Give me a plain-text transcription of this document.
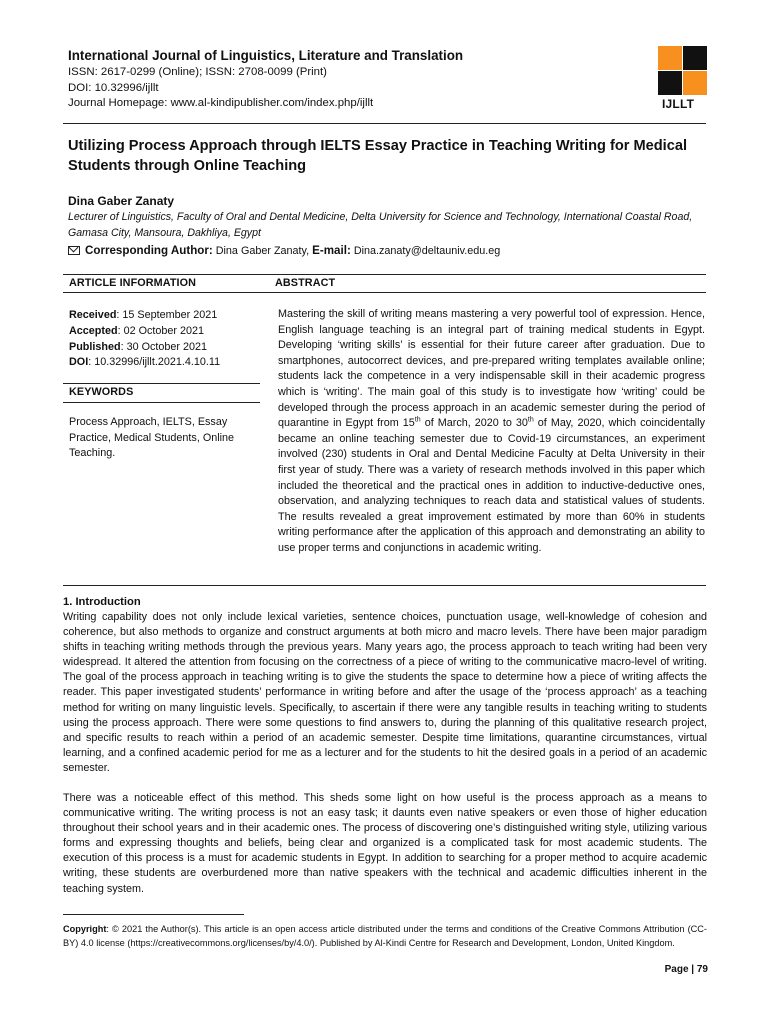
International Journal of Linguistics, Literature and Translation
ISSN: 2617-0299 (Online); ISSN: 2708-0099 (Print)
DOI: 10.32996/ijllt
Journal Homepage: www.al-kindipublisher.com/index.php/ijllt	IJLLT
Utilizing Process Approach through IELTS Essay Practice in Teaching Writing for Medical Students through Online Teaching
Dina Gaber Zanaty
Lecturer of Linguistics, Faculty of Oral and Dental Medicine, Delta University for Science and Technology, International Coastal Road, Gamasa City, Mansoura, Dakhliya, Egypt
Corresponding Author: Dina Gaber Zanaty, E-mail: Dina.zanaty@deltauniv.edu.eg
ARTICLE INFORMATION	ABSTRACT
Received: 15 September 2021
Accepted: 02 October 2021
Published: 30 October 2021
DOI: 10.32996/ijllt.2021.4.10.11
KEYWORDS
Process Approach, IELTS, Essay Practice, Medical Students, Online Teaching.
Mastering the skill of writing means mastering a very powerful tool of expression. Hence, English language teaching is an integral part of training medical students in Egypt. Developing ‘writing skills’ is essential for their future career after graduation. Due to smartphones, autocorrect devices, and pre-prepared writing templates available online; students lack the competence in a very indispensable skill in their academic progress which is ‘writing’. The main goal of this study is to investigate how ‘writing’ could be developed through the process approach in an academic semester during the period of quarantine in Egypt from 15th of March, 2020 to 30th of May, 2020, which coincidentally became an online teaching semester due to Covid-19 circumstances, an experiment involved (230) students in Oral and Dental Medicine Faculty at Delta University in their first year of study. There was a variety of research methods involved in this paper which included the theoretical and the practical ones in addition to inductive-deductive ones, observation, and analyzing techniques to reach data and statistical values of students. The results revealed a great improvement estimated by more than 60% in students writing performance after the application of this approach and demonstrating an ability to use proper terms and conjunctions in academic writing.
1. Introduction
Writing capability does not only include lexical varieties, sentence choices, punctuation usage, well-knowledge of cohesion and coherence, but also methods to organize and construct arguments at both micro and macro levels. There have been major paradigm shifts in teaching writing methods through the previous years. Many years ago, the process approach to teach writing had been very widespread. It altered the attention from focusing on the correctness of a piece of writing to the communicative macro-level of writing. The goal of the process approach in teaching writing is to give the students the space to determine how a piece of writing affects the reader. This paper investigated students’ performance in writing before and after the usage of the ‘process approach’ as a teaching method for writing on many linguistic levels. Specifically, to ascertain if there were any tangible results in teaching writing to students using the process approach. There were some questions to find answers to, during the planning of this qualitative research project, and specific results to reach within a period of an academic semester. Despite time limitations, quarantine circumstances, virtual learning, and a confined academic period for me as a lecturer and for the students to hit the desired goals in a period of an academic semester.
There was a noticeable effect of this method. This sheds some light on how useful is the process approach as a means to communicative writing. The writing process is not an easy task; it daunts even native speakers or even those of higher education throughout their school years and in their academic ones. The process of discovering one’s distinguished writing style, utilizing various forms and expressing thoughts and beliefs, being clear and organized is a complicated task for most academic students. The execution of this process is a must for academic students in Egypt. In addition to searching for a proper method to acquire academic writing, these students are overburdened more than native speakers with the technical and academic difficulties inherent in the teaching system.
Copyright: © 2021 the Author(s). This article is an open access article distributed under the terms and conditions of the Creative Commons Attribution (CC-BY) 4.0 license (https://creativecommons.org/licenses/by/4.0/). Published by Al-Kindi Centre for Research and Development, London, United Kingdom.
Page | 79
